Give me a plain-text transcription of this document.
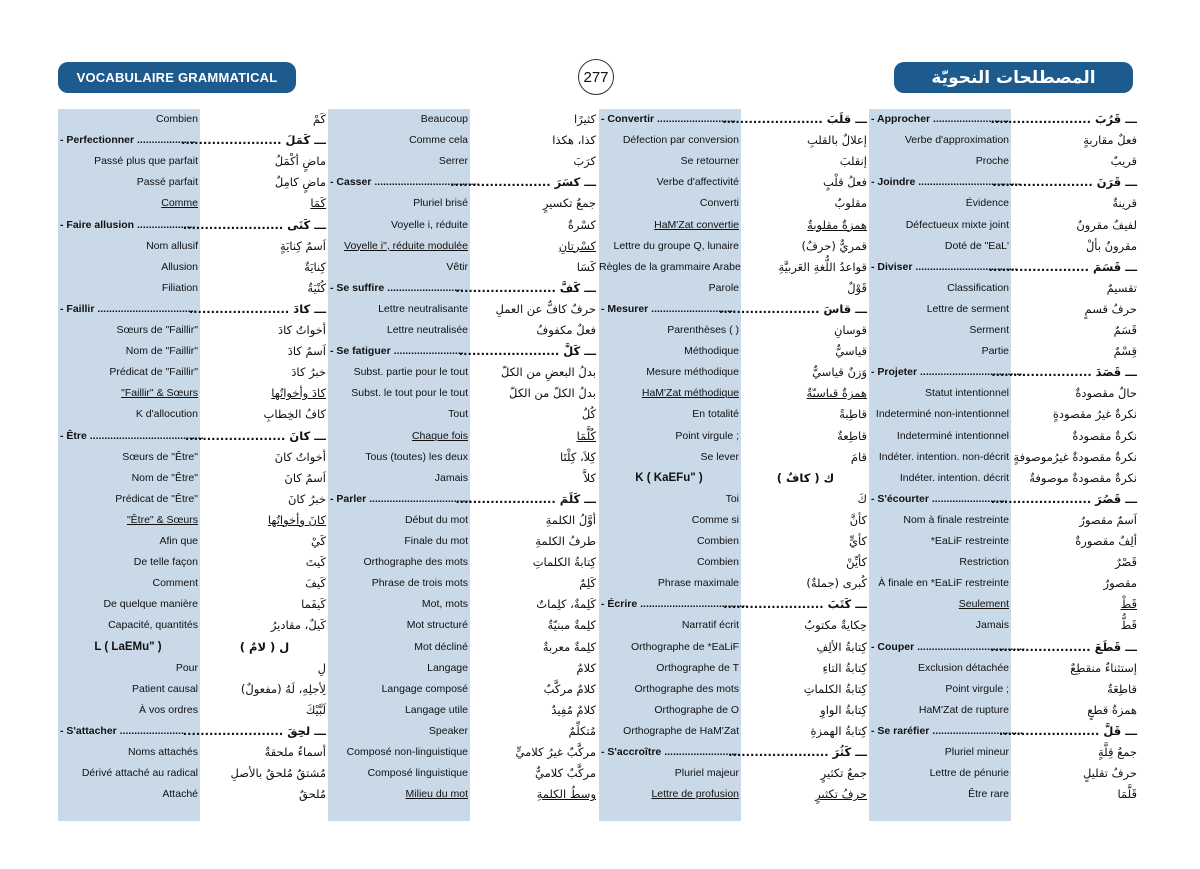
VOCABULAIRE GRAMMATICAL	277	المصطلحات النحويّة
Combien	كَمْ
- Perfectionner ....................
ـــ كَمَلَ .......................
Passé plus que parfait	ماضٍ أكْمَلُ
Passé parfait	ماضٍ كامِلٌ
Comme	كَمَا
- Faire allusion ....................
ـــ كَنَى .......................
Nom allusif	اَسمُ كِنايَةٍ
Allusion	كِنايَةٌ
Filiation	كُنْيَةٌ
- Faillir ..................................
ـــ كادَ .......................
Sœurs de "Faillir"	أخواتُ كادَ
Nom de "Faillir"	اَسمُ كادَ
Prédicat de "Faillir"	خبرُ كادَ
"Faillir" & Sœurs	كادَ وأخواتُها
K d'allocution	كافُ الخِطابِ
- Être .......................................
ـــ كانَ .......................
Sœurs de "Être"	أخواتُ كانَ
Nom de "Être"	اَسمُ كانَ
Prédicat de "Être"	خبرُ كانَ
"Être" & Sœurs	كانَ وأخواتُها
Afin que	كَيْ
De telle façon	كَيتَ
Comment	كَيفَ
De quelque manière	كَيفَما
Capacité, quantités	كَيلٌ، مقاديرُ
L ( LaEMu" )	ل ( لامٌ )
Pour	لِ
Patient causal	لِأجلِهِ، لَهُ (مفعولٌ)
À vos ordres	لَبَّيْكَ
- S'attacher ......................
ـــ لحِقَ .......................
Noms attachés	أسماءٌ ملحقةٌ
Dérivé attaché au radical	مُشتقٌ مُلحقٌ بالأصلِ
Attaché	مُلحقٌ
Beaucoup	كثيرًا
Comme cela	كذا، هكذا
Serrer	كرَبَ
- Casser ....................................
ـــ كسَرَ .......................
Pluriel brisé	جمعُ تكسيرٍ
Voyelle i, réduite	كسْرةٌ
Voyelle i", réduite modulée	كسْرتانِ
Vêtir	كَسَا
- Se suffire ..........................
ـــ كَفَّ .......................
Lettre neutralisante	حرفٌ كافٌّ عن العملِ
Lettre neutralisée	فعلٌ مكفوفٌ
- Se fatiguer ........................
ـــ كَلَّ .......................
Subst. partie pour le tout	بدلُ البعضِ من الكلّ
Subst. le tout pour le tout	بدلُ الكلّ من الكلّ
Tout	كُلٌ
Chaque fois	كُلَّمَا
Tous (toutes) les deux	كِلاَ، كِلْتَا
Jamais	كلاَّ
- Parler ...................................
ـــ كَلَمَ .......................
Début du mot	أوَّلُ الكلمةِ
Finale du mot	طرفُ الكلمةِ
Orthographe des mots	كِتابةُ الكلماتِ
Phrase de trois mots	كَلِمٌ
Mot, mots	كَلِمةٌ، كلِماتٌ
Mot structuré	كلِمةٌ مبنيّةٌ
Mot décliné	كلِمةٌ معربةٌ
Langage	كلامٌ
Langage composé	كلامٌ مركَّبٌ
Langage utile	كلامٌ مُفِيدٌ
Speaker	مُتكلِّمٌ
Composé non-linguistique	مركَّبٌ غيرُ كلاميٍّ
Composé linguistique	مركَّبٌ كلاميٌّ
Milieu du mot	وسطُ الكلمةِ
- Convertir ...........................
ـــ قلَبَ .......................
Défection par conversion	إعلالٌ بالقلبِ
Se retourner	إنقلبَ
Verbe d'affectivité	فعلُ قلْبٍ
Converti	مقلوبٌ
HaM'Zat convertie	همزةٌ مقلوبةٌ
Lettre du groupe Q, lunaire	قمريٌّ (حرفٌ)
Règles de la grammaire Arabe	قواعدُ اللُّغةِ العَربيَّةِ
Parole	قَوْلٌ
- Mesurer .............................
ـــ قاسَ .......................
Parenthèses ( )	قوسانِ
Méthodique	قياسيٌّ
Mesure méthodique	وَزنٌ قياسيٌّ
HaM'Zat méthodique	همزةٌ قياسيّةٌ
En totalité	قاطِبةً
Point virgule ;	قاطِعةٌ
Se lever	قامَ
K ( KaEFu" )	ك ( كافٌ )
Toi	كَ
Comme si	كأنَّ
Combien	كأيٍّ
Combien	كأيِّنْ
Phrase maximale	كُبرى (جملةٌ)
- Écrire .....................................
ـــ كَتَبَ .......................
Narratif écrit	حِكايةٌ مكتوبٌ
Orthographe de *EaLiF	كِتابةُ الألِفِ
Orthographe de T	كِتابةُ التاءِ
Orthographe des mots	كِتابةُ الكلماتِ
Orthographe de O	كِتابةُ الواوِ
Orthographe de HaM'Zat	كِتابةُ الهمزةِ
- S'accroître .........................
ـــ كَثُرَ .......................
Pluriel majeur	جمعُ تكثيرٍ
Lettre de profusion	حرفُ تكثيرٍ
- Approcher ..........................
ـــ قَرُبَ .......................
Verbe d'approximation	فعلٌ مقاربةٍ
Proche	قريبٌ
- Joindre ...................................
ـــ قَرَنَ .......................
Évidence	قرينةٌ
Défectueux mixte joint	لفيفٌ مقرونٌ
Doté de "EaL'	مقرونٌ بألْ
- Diviser ...................................
ـــ قَسَمَ .......................
Classification	تقسيمٌ
Lettre de serment	حرفُ قسمٍ
Serment	قَسَمٌ
Partie	قِسْمٌ
- Projeter ...................................
ـــ قَصَدَ .......................
Statut intentionnel	حالٌ مقصودةٌ
Indeterminé non-intentionnel	نكرةٌ غيرُ مقصودةٍ
Indeterminé intentionnel	نكرةٌ مقصودةٌ
Indéter. intention. non-décrit نكرةٌ مقصودةٌ غيرُموصوفةٍ
Indéter. intention. décrit	نكرةٌ مقصودةٌ موصوفةٌ
- S'écourter ..........................
ـــ قَصُرَ .......................
Nom à finale restreinte	اَسمٌ مقصورٌ
*EaLiF restreinte	ألِفٌ مقصورةٌ
Restriction	قَصْرٌ
À finale en *EaLiF restreinte	مقصورٌ
Seulement	قَطْ
Jamais	قَطُّ
- Couper .....................................
ـــ قَطَعَ .......................
Exclusion détachée	إستثناءٌ منقطِعٌ
Point virgule ;	قاطِعَةٌ
HaM'Zat de rupture	همزةُ قطعٍ
- Se raréfier ...............................
ـــ قَلَّ .......................
Pluriel mineur	جمعُ قِلَّةٍ
Lettre de pénurie	حرفُ تقليلٍ
Être rare	قَلَّمَا
